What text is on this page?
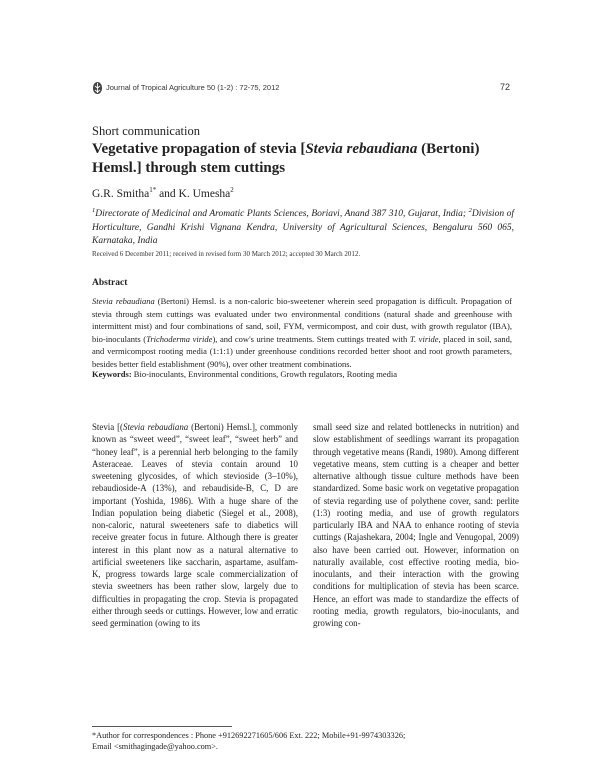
Journal of Tropical Agriculture 50 (1-2) : 72-75, 2012	72
Short communication
Vegetative propagation of stevia [Stevia rebaudiana (Bertoni) Hemsl.] through stem cuttings
G.R. Smitha$^{1*}$ and K. Umesha$^2$
$^1$Directorate of Medicinal and Aromatic Plants Sciences, Boriavi, Anand 387 310, Gujarat, India; $^2$Division of Horticulture, Gandhi Krishi Vignana Kendra, University of Agricultural Sciences, Bengaluru 560 065, Karnataka, India
Received 6 December 2011; received in revised form 30 March 2012; accepted 30 March 2012.
Abstract
Stevia rebaudiana (Bertoni) Hemsl. is a non-caloric bio-sweetener wherein seed propagation is difficult. Propagation of stevia through stem cuttings was evaluated under two environmental conditions (natural shade and greenhouse with intermittent mist) and four combinations of sand, soil, FYM, vermicompost, and coir dust, with growth regulator (IBA), bio-inoculants (Trichoderma viride), and cow's urine treatments. Stem cuttings treated with T. viride, placed in soil, sand, and vermicompost rooting media (1:1:1) under greenhouse conditions recorded better shoot and root growth parameters, besides better field establishment (90%), over other treatment combinations.
Keywords: Bio-inoculants, Environmental conditions, Growth regulators, Rooting media

Stevia [(Stevia rebaudiana (Bertoni) Hemsl.], commonly known as “sweet weed”, “sweet leaf”, “sweet herb” and “honey leaf”, is a perennial herb belonging to the family Asteraceae. Leaves of stevia contain around 10 sweetening glycosides, of which stevioside (3–10%), rebaudioside-A (13%), and rebaudiside-B, C, D are important (Yoshida, 1986). With a huge share of the Indian population being diabetic (Siegel et al., 2008), non-caloric, natural sweeteners safe to diabetics will receive greater focus in future. Although there is greater interest in this plant now as a natural alternative to artificial sweeteners like saccharin, aspartame, asulfam-K, progress towards large scale commercialization of stevia sweetners has been rather slow, largely due to difficulties in propagating the crop. Stevia is propagated either through seeds or cuttings. However, low and erratic seed germination (owing to its

small seed size and related bottlenecks in nutrition) and slow establishment of seedlings warrant its propagation through vegetative means (Randi, 1980). Among different vegetative means, stem cutting is a cheaper and better alternative although tissue culture methods have been standardized. Some basic work on vegetative propagation of stevia regarding use of polythene cover, sand: perlite (1:3) rooting media, and use of growth regulators particularly IBA and NAA to enhance rooting of stevia cuttings (Rajashekara, 2004; Ingle and Venugopal, 2009) also have been carried out. However, information on naturally available, cost effective rooting media, bio-inoculants, and their interaction with the growing conditions for multiplication of stevia has been scarce. Hence, an effort was made to standardize the effects of rooting media, growth regulators, bio-inoculants, and growing con-

*Author for correspondences : Phone +912692271605/606 Ext. 222; Mobile+91-9974303326;
Email <smithagingade@yahoo.com>.
